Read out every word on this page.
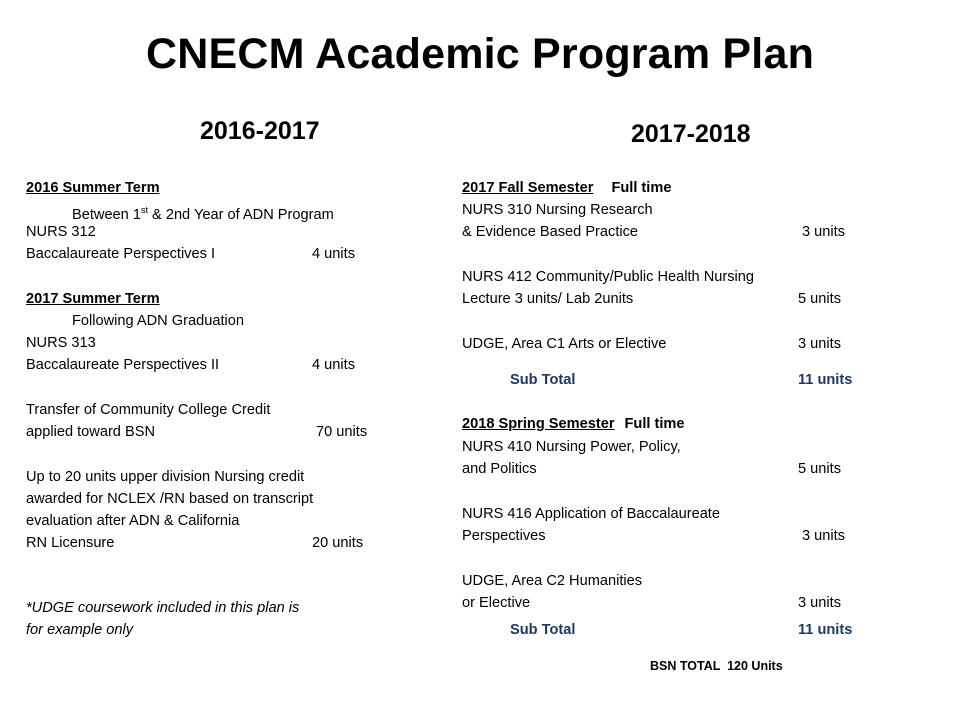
CNECM Academic Program Plan
2016-2017
2016 Summer Term
Between 1st & 2nd Year of ADN Program
NURS 312
Baccalaureate Perspectives I	4 units
2017 Summer Term
Following ADN Graduation
NURS 313
Baccalaureate Perspectives II	4 units
Transfer of Community College Credit
applied toward BSN	70 units
Up to 20 units upper division Nursing credit
awarded for NCLEX /RN based on transcript
evaluation after ADN & California
RN Licensure	20 units
*UDGE coursework included in this plan is
for example only
2017-2018
2017 Fall Semester Full time
NURS 310 Nursing Research
& Evidence Based Practice	3 units
NURS 412 Community/Public Health Nursing
Lecture 3 units/ Lab 2units	5 units
UDGE, Area C1 Arts or Elective	3 units
Sub Total	11 units
2018 Spring Semester Full time
NURS 410 Nursing Power, Policy,
and Politics	5 units
NURS 416 Application of Baccalaureate
Perspectives	3 units
UDGE, Area C2 Humanities
or Elective	3 units
Sub Total	11 units
BSN TOTAL  120 Units
